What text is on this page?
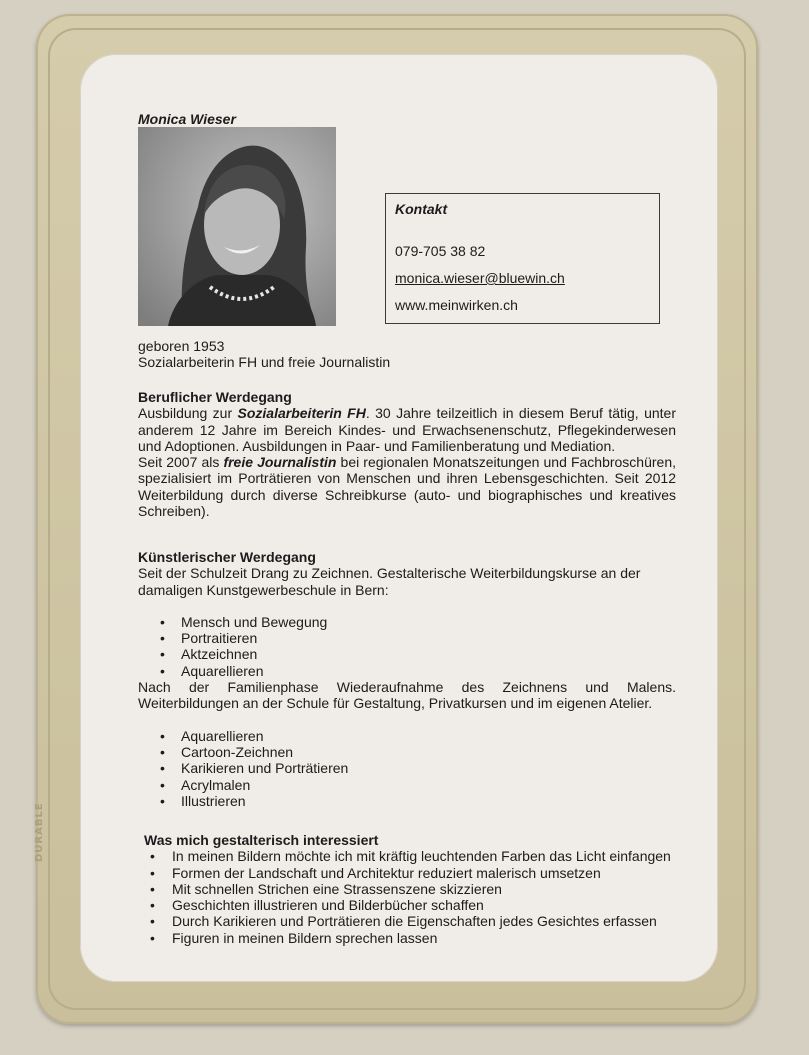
DURABLE
Monica Wieser
Kontakt
079-705 38 82
monica.wieser@bluewin.ch
www.meinwirken.ch

geboren 1953

Sozialarbeiterin FH und freie Journalistin

Beruflicher Werdegang

Ausbildung zur Sozialarbeiterin FH. 30 Jahre teilzeitlich in diesem Beruf tätig, unter anderem 12 Jahre im Bereich Kindes- und Erwachsenenschutz, Pflegekinderwesen und Adoptionen. Ausbildungen in Paar- und Familienberatung und Mediation.

Seit 2007 als freie Journalistin bei regionalen Monatszeitungen und Fachbroschüren, spezialisiert im Porträtieren von Menschen und ihren Lebensgeschichten. Seit 2012 Weiterbildung durch diverse Schreibkurse (auto- und biographisches und kreatives Schreiben).

Künstlerischer Werdegang

Seit der Schulzeit Drang zu Zeichnen. Gestalterische Weiterbildungskurse an der damaligen Kunstgewerbeschule in Bern:

• Mensch und Bewegung
• Portraitieren
• Aktzeichnen
• Aquarellieren

Nach der Familienphase Wiederaufnahme des Zeichnens und Malens. Weiterbildungen an der Schule für Gestaltung, Privatkursen und im eigenen Atelier.

• Aquarellieren
• Cartoon-Zeichnen
• Karikieren und Porträtieren
• Acrylmalen
• Illustrieren

Was mich gestalterisch interessiert

• In meinen Bildern möchte ich mit kräftig leuchtenden Farben das Licht einfangen
• Formen der Landschaft und Architektur reduziert malerisch umsetzen
• Mit schnellen Strichen eine Strassenszene skizzieren
• Geschichten illustrieren und Bilderbücher schaffen
• Durch Karikieren und Porträtieren die Eigenschaften jedes Gesichtes erfassen
• Figuren in meinen Bildern sprechen lassen
